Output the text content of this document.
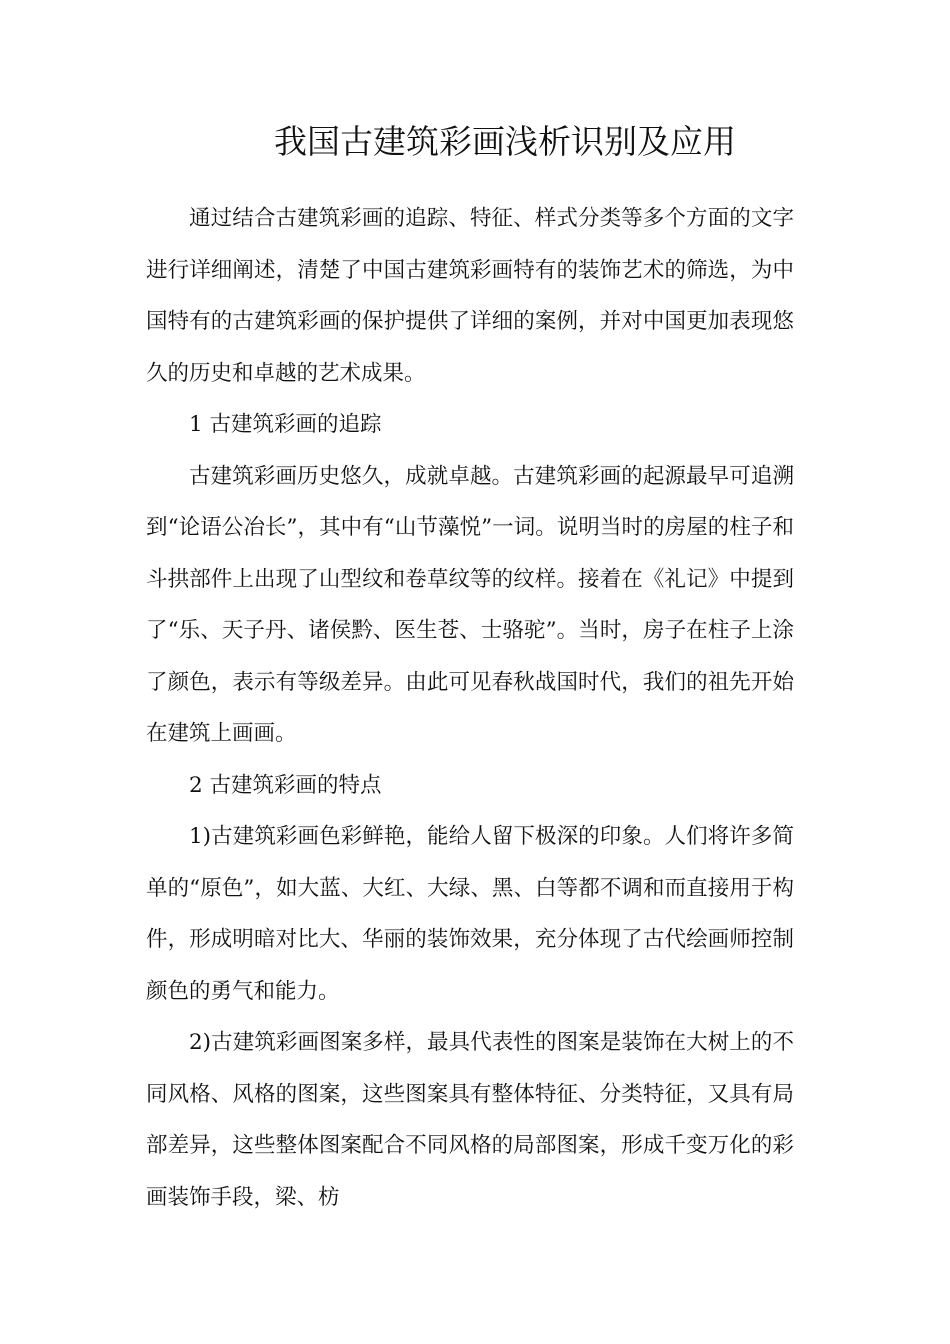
我国古建筑彩画浅析识别及应用

通过结合古建筑彩画的追踪、特征、样式分类等多个方面的文字进行详细阐述，清楚了中国古建筑彩画特有的装饰艺术的筛选，为中国特有的古建筑彩画的保护提供了详细的案例，并对中国更加表现悠久的历史和卓越的艺术成果。

1 古建筑彩画的追踪

古建筑彩画历史悠久，成就卓越。古建筑彩画的起源最早可追溯到“论语公冶长”，其中有“山节藻悦”一词。说明当时的房屋的柱子和斗拱部件上出现了山型纹和卷草纹等的纹样。接着在《礼记》中提到了“乐、天子丹、诸侯黔、医生苍、士骆驼”。当时，房子在柱子上涂了颜色，表示有等级差异。由此可见春秋战国时代，我们的祖先开始在建筑上画画。

2 古建筑彩画的特点

1)古建筑彩画色彩鲜艳，能给人留下极深的印象。人们将许多简单的“原色”，如大蓝、大红、大绿、黑、白等都不调和而直接用于构件，形成明暗对比大、华丽的装饰效果，充分体现了古代绘画师控制颜色的勇气和能力。

2)古建筑彩画图案多样，最具代表性的图案是装饰在大树上的不同风格、风格的图案，这些图案具有整体特征、分类特征，又具有局部差异，这些整体图案配合不同风格的局部图案，形成千变万化的彩画装饰手段，梁、枋
